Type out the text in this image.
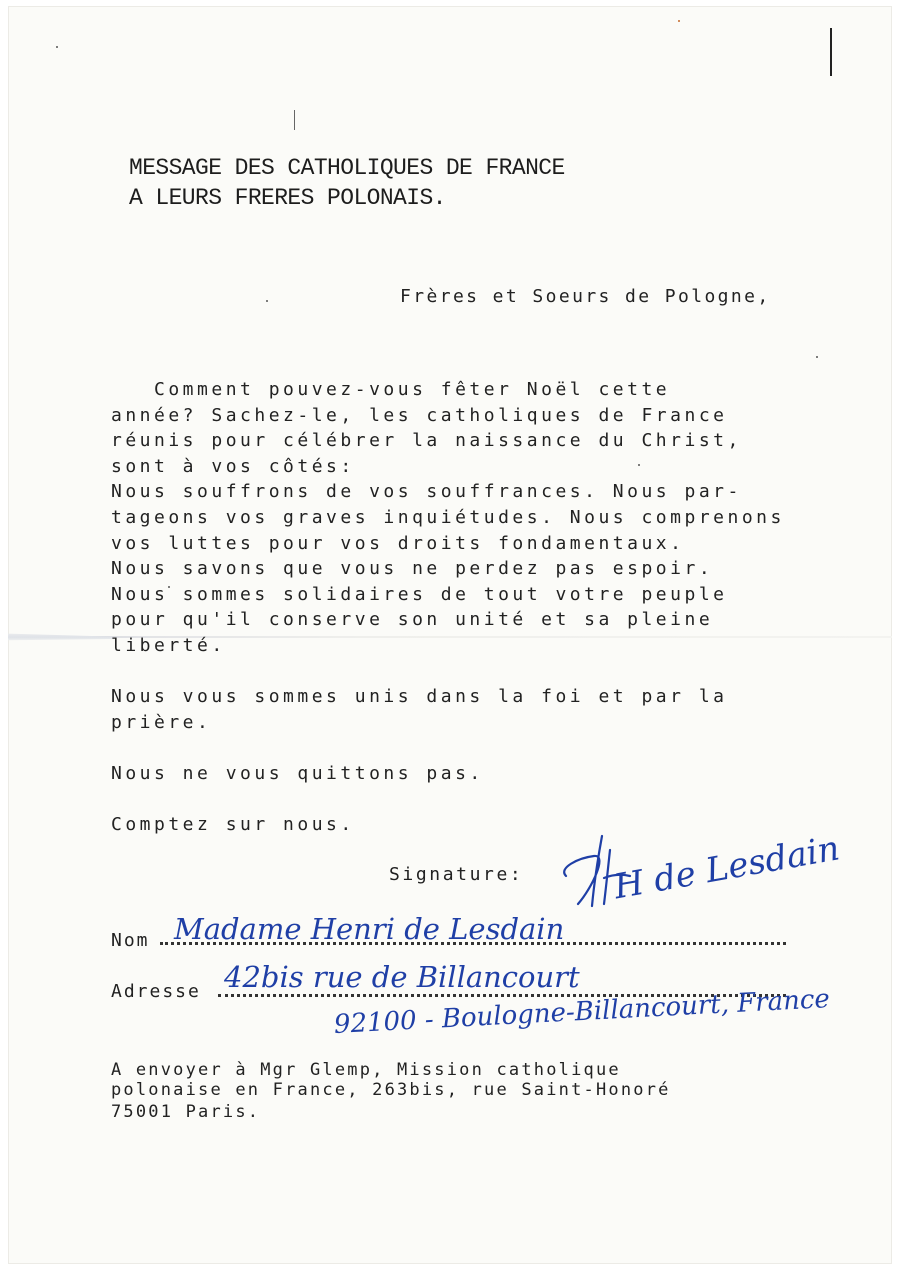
MESSAGE DES CATHOLIQUES DE FRANCE
A LEURS FRERES POLONAIS.
Frères et Soeurs de Pologne,
Comment pouvez-vous fêter Noël cette
année? Sachez-le, les catholiques de France
réunis pour célébrer la naissance du Christ,
sont à vos côtés:
Nous souffrons de vos souffrances. Nous par-
tageons vos graves inquiétudes. Nous comprenons
vos luttes pour vos droits fondamentaux.
Nous savons que vous ne perdez pas espoir.
Nous sommes solidaires de tout votre peuple
pour qu'il conserve son unité et sa pleine
liberté.
Nous vous sommes unis dans la foi et par la
prière.
Nous ne vous quittons pas.
Comptez sur nous.
Signature:	H de Lesdain
Nom Madame Henri de Lesdain
Adresse 42bis rue de Billancourt
92100 - Boulogne-Billancourt, France
A envoyer à Mgr Glemp, Mission catholique
polonaise en France, 263bis, rue Saint-Honoré
75001 Paris.
